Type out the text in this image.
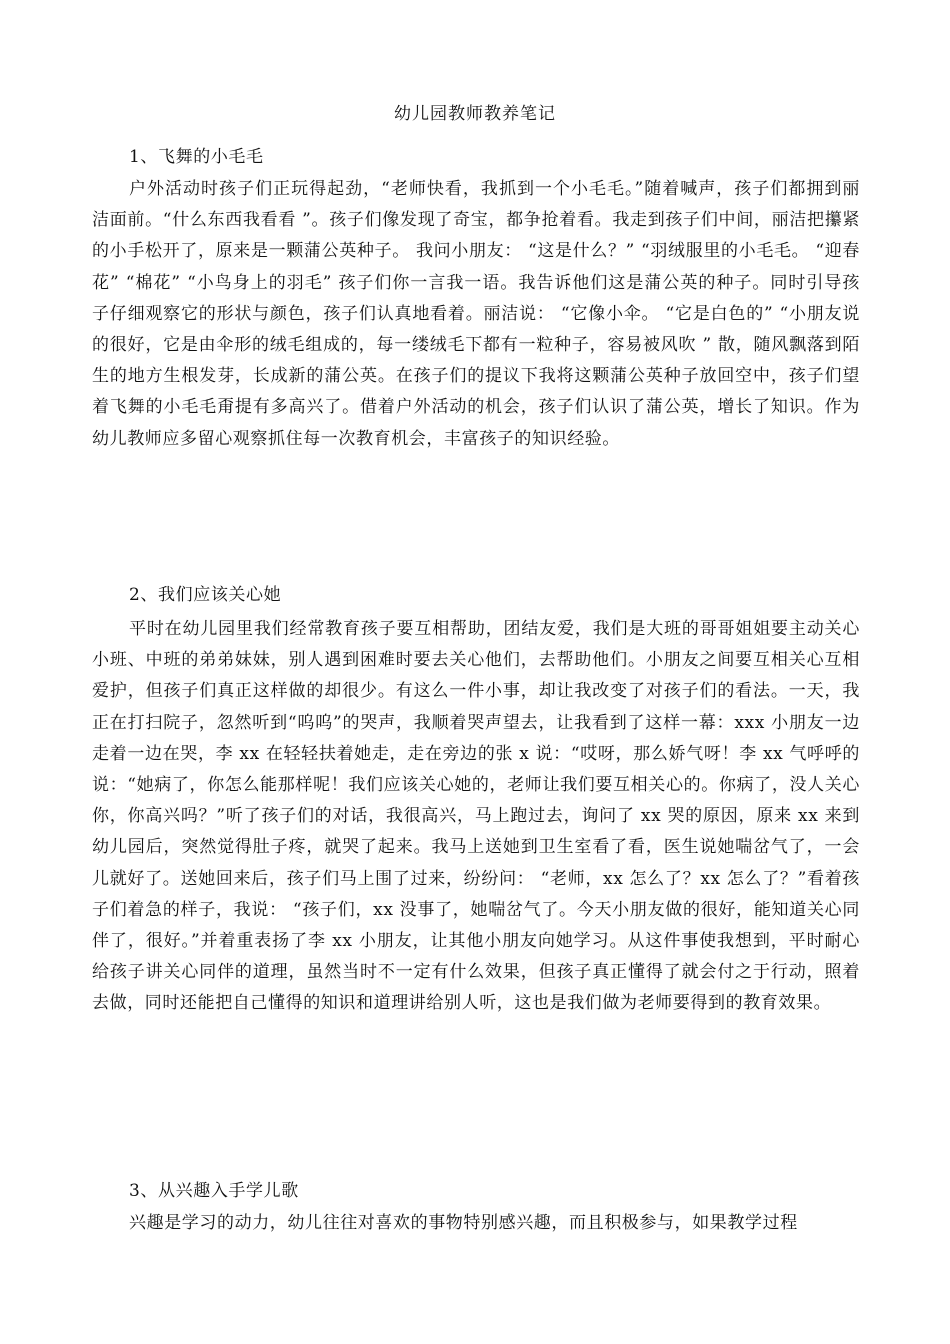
幼儿园教师教养笔记

1、飞舞的小毛毛

户外活动时孩子们正玩得起劲，“老师快看，我抓到一个小毛毛。”随着喊声，孩子们都拥到丽洁面前。“什么东西我看看 ”。孩子们像发现了奇宝，都争抢着看。我走到孩子们中间，丽洁把攥紧的小手松开了，原来是一颗蒲公英种子。 我问小朋友： “这是什么？” “羽绒服里的小毛毛。 “迎春花” “棉花” “小鸟身上的羽毛” 孩子们你一言我一语。我告诉他们这是蒲公英的种子。同时引导孩子仔细观察它的形状与颜色，孩子们认真地看着。丽洁说： “它像小伞。 “它是白色的” “小朋友说的很好，它是由伞形的绒毛组成的，每一缕绒毛下都有一粒种子，容易被风吹 ” 散，随风飘落到陌生的地方生根发芽，长成新的蒲公英。在孩子们的提议下我将这颗蒲公英种子放回空中，孩子们望着飞舞的小毛毛甭提有多高兴了。借着户外活动的机会，孩子们认识了蒲公英，增长了知识。作为幼儿教师应多留心观察抓住每一次教育机会，丰富孩子的知识经验。

2、我们应该关心她

平时在幼儿园里我们经常教育孩子要互相帮助，团结友爱，我们是大班的哥哥姐姐要主动关心小班、中班的弟弟妹妹，别人遇到困难时要去关心他们，去帮助他们。小朋友之间要互相关心互相爱护，但孩子们真正这样做的却很少。有这么一件小事，却让我改变了对孩子们的看法。一天，我正在打扫院子，忽然听到“呜呜”的哭声，我顺着哭声望去，让我看到了这样一幕：xxx 小朋友一边走着一边在哭，李 xx 在轻轻扶着她走，走在旁边的张 x 说：“哎呀，那么娇气呀！李 xx 气呼呼的说：“她病了，你怎么能那样呢！我们应该关心她的，老师让我们要互相关心的。你病了，没人关心你，你高兴吗？”听了孩子们的对话，我很高兴，马上跑过去，询问了 xx 哭的原因，原来 xx 来到幼儿园后，突然觉得肚子疼，就哭了起来。我马上送她到卫生室看了看，医生说她喘岔气了，一会儿就好了。送她回来后，孩子们马上围了过来，纷纷问： “老师，xx 怎么了？xx 怎么了？”看着孩子们着急的样子，我说： “孩子们，xx 没事了，她喘岔气了。今天小朋友做的很好，能知道关心同伴了，很好。”并着重表扬了李 xx 小朋友，让其他小朋友向她学习。从这件事使我想到，平时耐心给孩子讲关心同伴的道理，虽然当时不一定有什么效果，但孩子真正懂得了就会付之于行动，照着去做，同时还能把自己懂得的知识和道理讲给别人听，这也是我们做为老师要得到的教育效果。

3、从兴趣入手学儿歌

兴趣是学习的动力，幼儿往往对喜欢的事物特别感兴趣，而且积极参与，如果教学过程
